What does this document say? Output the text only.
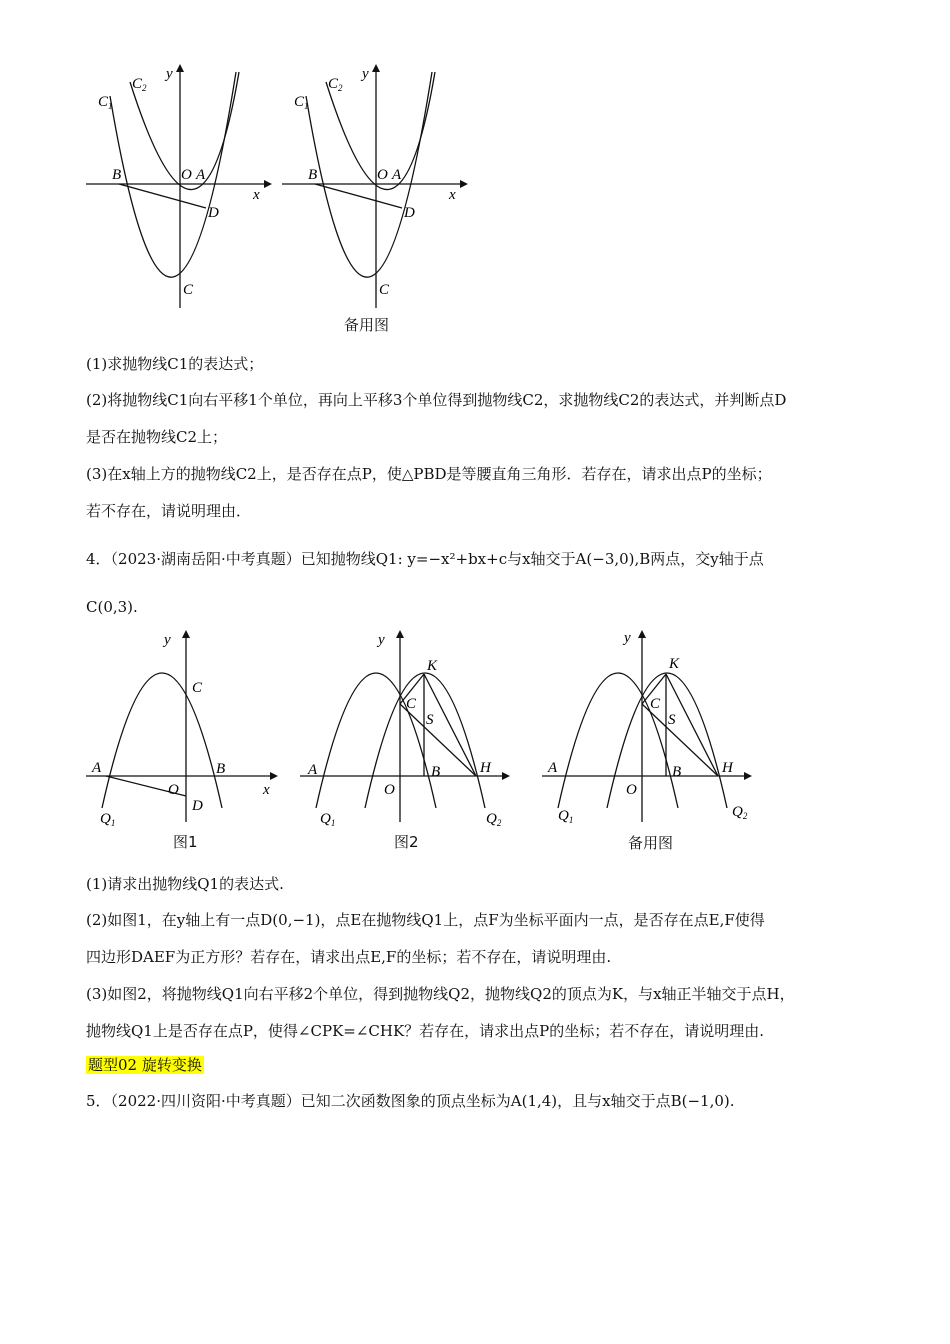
$C_1$
$C_2$
y
B	O A
x
D
C
$C_1$
$C_2$
y
B	O A
x
D
C
备用图
(1)求抛物线C1的表达式；
(2)将抛物线C1向右平移1个单位，再向上平移3个单位得到抛物线C2，求抛物线C2的表达式，并判断点D
是否在抛物线C2上；
(3)在x轴上方的抛物线C2上，是否存在点P，使△PBD是等腰直角三角形．若存在，请求出点P的坐标；
若不存在，请说明理由．
4．（2023·湖南岳阳·中考真题）已知抛物线Q1: y=−x²+bx+c与x轴交于A(−3,0),B两点，交y轴于点
C(0,3).
y
C
A	B
O	x
D
$Q_1$
图1
y
K
C
S
A	B	H
O
$Q_1$	$Q_2$
图2
y
K
C
S
A	B	H
O
$Q_1$	$Q_2$
备用图
(1)请求出抛物线Q1的表达式.
(2)如图1，在y轴上有一点D(0,−1)，点E在抛物线Q1上，点F为坐标平面内一点，是否存在点E,F使得
四边形DAEF为正方形？若存在，请求出点E,F的坐标；若不存在，请说明理由.
(3)如图2，将抛物线Q1向右平移2个单位，得到抛物线Q2，抛物线Q2的顶点为K，与x轴正半轴交于点H，
抛物线Q1上是否存在点P，使得∠CPK=∠CHK？若存在，请求出点P的坐标；若不存在，请说明理由.
题型02 旋转变换
5．（2022·四川资阳·中考真题）已知二次函数图象的顶点坐标为A(1,4)，且与x轴交于点B(−1,0).
